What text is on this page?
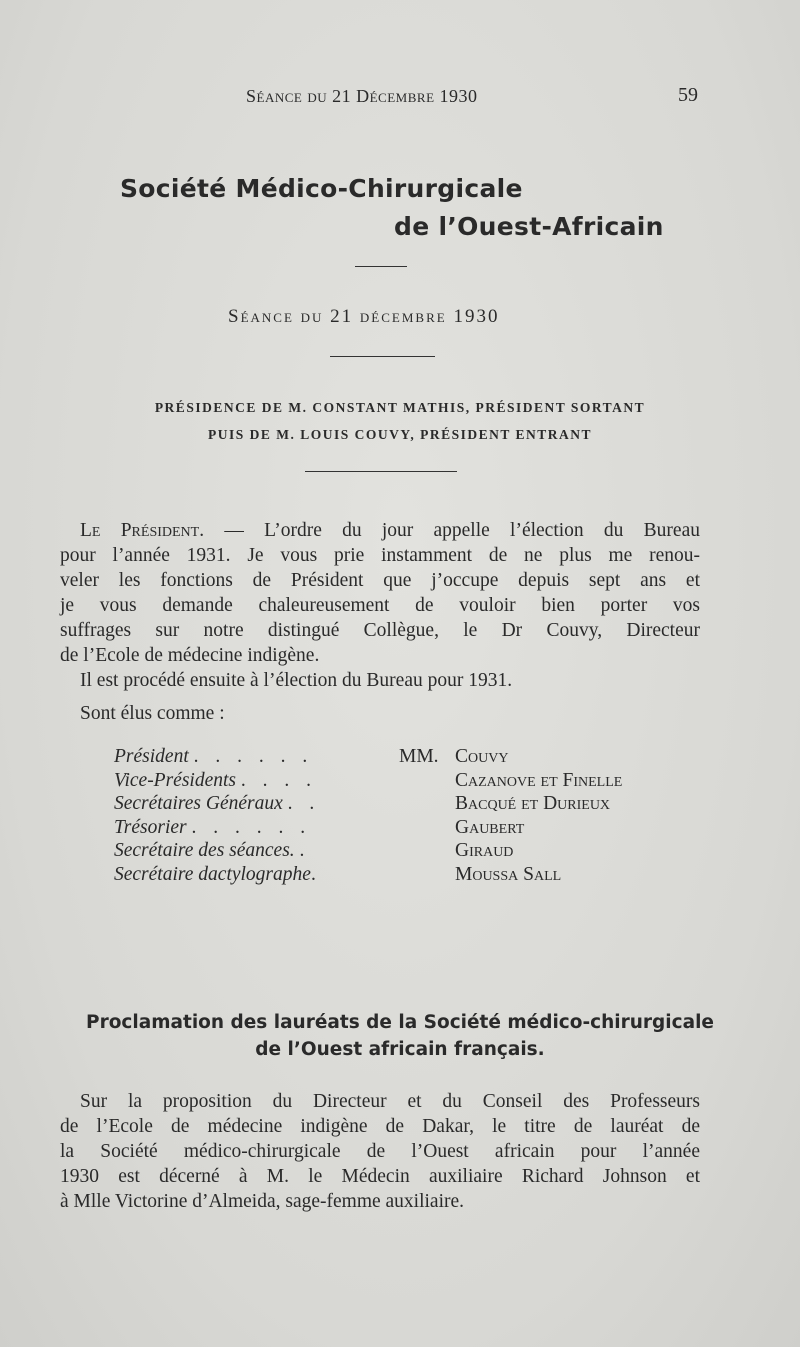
Séance du 21 Décembre 1930	59
Société Médico-Chirurgicale
de l’Ouest-Africain
Séance du 21 décembre 1930
PRÉSIDENCE DE M. CONSTANT MATHIS, PRÉSIDENT SORTANT
PUIS DE M. LOUIS COUVY, PRÉSIDENT ENTRANT
Le Président. — L’ordre du jour appelle l’élection du Bureau
pour l’année 1931. Je vous prie instamment de ne plus me renou-
veler les fonctions de Président que j’occupe depuis sept ans et
je vous demande chaleureusement de vouloir bien porter vos
suffrages sur notre distingué Collègue, le Dr Couvy, Directeur
de l’Ecole de médecine indigène.
Il est procédé ensuite à l’élection du Bureau pour 1931.
Sont élus comme :
Président . . . . . .	MM. Couvy
Vice-Présidents . . . .	Cazanove et Finelle
Secrétaires Généraux . .	Bacqué et Durieux
Trésorier . . . . . .	Gaubert
Secrétaire des séances. .	Giraud
Secrétaire dactylographe.	Moussa Sall
Proclamation des lauréats de la Société médico-chirurgicale
de l’Ouest africain français.
Sur la proposition du Directeur et du Conseil des Professeurs
de l’Ecole de médecine indigène de Dakar, le titre de lauréat de
la Société médico-chirurgicale de l’Ouest africain pour l’année
1930 est décerné à M. le Médecin auxiliaire Richard Johnson et
à Mlle Victorine d’Almeida, sage-femme auxiliaire.
